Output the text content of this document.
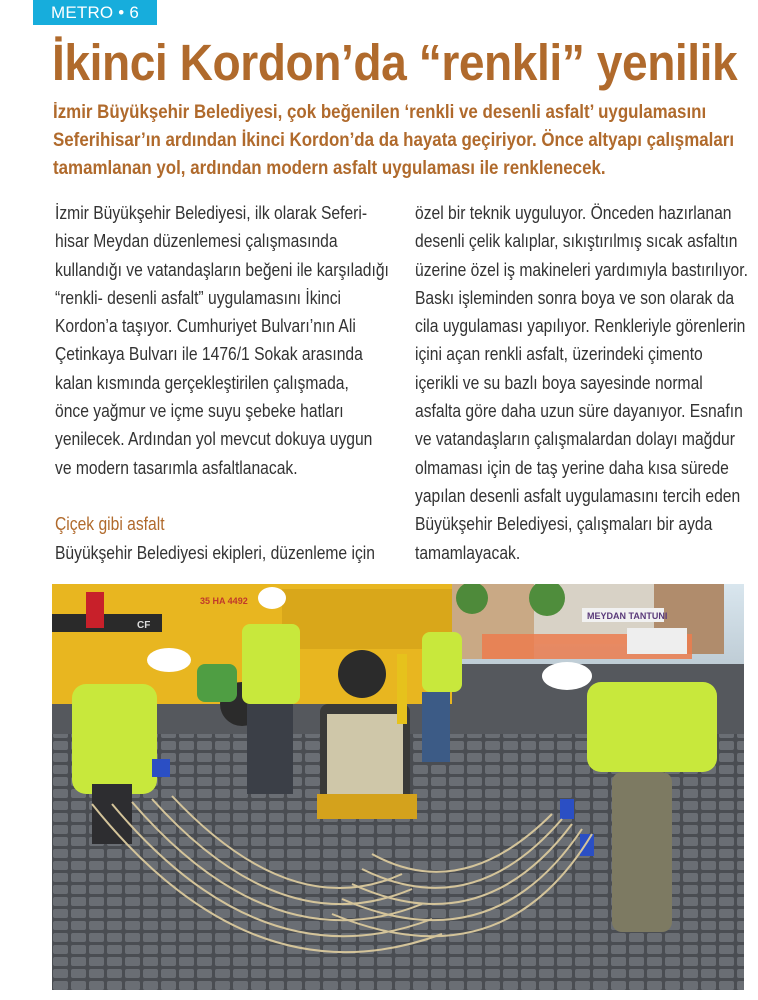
METRO • 6
İkinci Kordon’da “renkli” yenilik
İzmir Büyükşehir Belediyesi, çok beğenilen ‘renkli ve desenli asfalt’ uygulamasını
Seferihisar’ın ardından İkinci Kordon’da da hayata geçiriyor. Önce altyapı çalışmaları
tamamlanan yol, ardından modern asfalt uygulaması ile renklenecek.
İzmir Büyükşehir Belediyesi, ilk olarak Seferi-
hisar Meydan düzenlemesi çalışmasında
kullandığı ve vatandaşların beğeni ile karşıladığı
“renkli- desenli asfalt” uygulamasını İkinci
Kordon’a taşıyor. Cumhuriyet Bulvarı’nın Ali
Çetinkaya Bulvarı ile 1476/1 Sokak arasında
kalan kısmında gerçekleştirilen çalışmada,
önce yağmur ve içme suyu şebeke hatları
yenilecek. Ardından yol mevcut dokuya uygun
ve modern tasarımla asfaltlanacak.
Çiçek gibi asfalt
Büyükşehir Belediyesi ekipleri, düzenleme için
özel bir teknik uyguluyor. Önceden hazırlanan
desenli çelik kalıplar, sıkıştırılmış sıcak asfaltın
üzerine özel iş makineleri yardımıyla bastırılıyor.
Baskı işleminden sonra boya ve son olarak da
cila uygulaması yapılıyor. Renkleriyle görenlerin
içini açan renkli asfalt, üzerindeki çimento
içerikli ve su bazlı boya sayesinde normal
asfalta göre daha uzun süre dayanıyor. Esnafın
ve vatandaşların çalışmalardan dolayı mağdur
olmaması için de taş yerine daha kısa sürede
yapılan desenli asfalt uygulamasını tercih eden
Büyükşehir Belediyesi, çalışmaları bir ayda
tamamlayacak.
MEYDAN TANTUNI
CF
35 HA 4492
